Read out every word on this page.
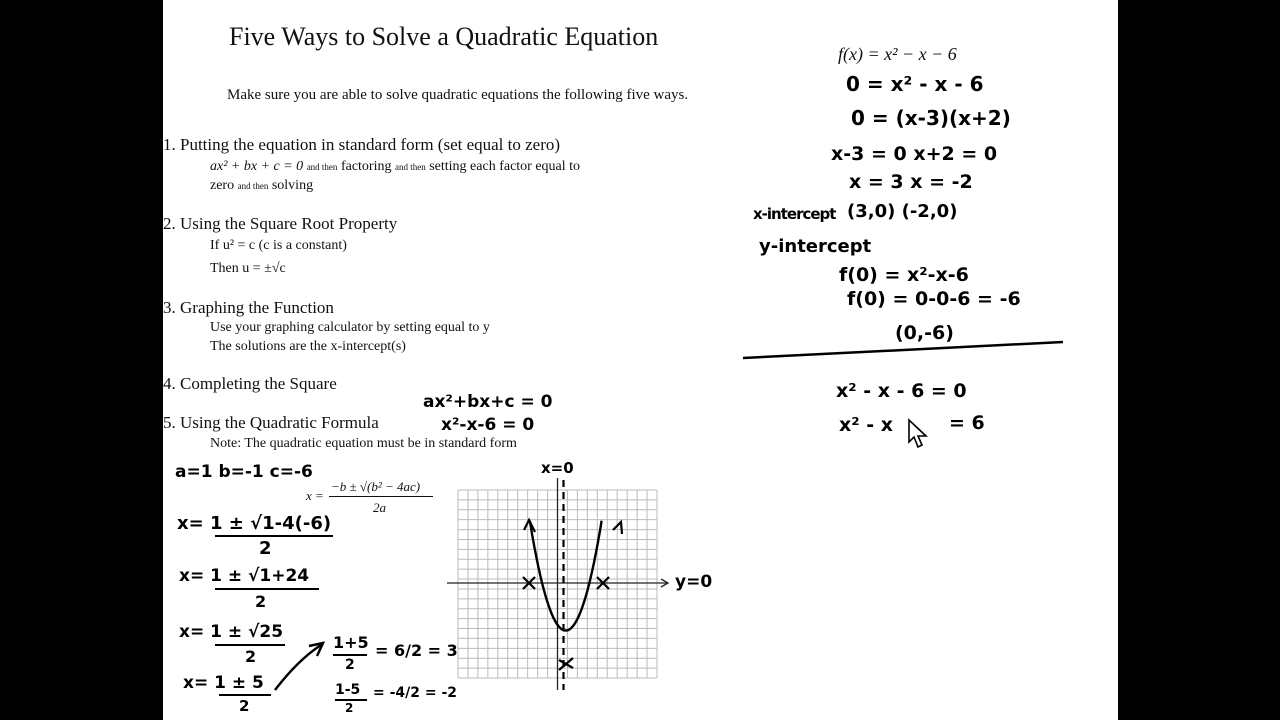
Five Ways to Solve a Quadratic Equation
Make sure you are able to solve quadratic equations the following five ways.
1. Putting the equation in standard form (set equal to zero)
ax² + bx + c = 0 and then factoring and then setting each factor equal to
zero and then solving
2. Using the Square Root Property
If u² = c (c is a constant)
Then u = ±√c
3. Graphing the Function
Use your graphing calculator by setting equal to y
The solutions are the x-intercept(s)
4. Completing the Square
5. Using the Quadratic Formula
Note: The quadratic equation must be in standard form
x =
−b ± √(b² − 4ac)
2a
f(x) = x² − x − 6
0 = x² - x - 6
0 = (x-3)(x+2)
x-3 = 0 x+2 = 0
x = 3 x = -2
x-intercept (3,0) (-2,0)
y-intercept
f(0) = x²-x-6
f(0) = 0-0-6 = -6
(0,-6)
x² - x - 6 = 0
x² - x	= 6
ax²+bx+c = 0
x²-x-6 = 0
a=1 b=-1 c=-6
x= 1 ± √1-4(-6)
2
x= 1 ± √1+24
2
x= 1 ± √25
2
x= 1 ± 5
2
1+5
2
= 6/2 = 3
1-5
2
= -4/2 = -2
x=0
y=0
